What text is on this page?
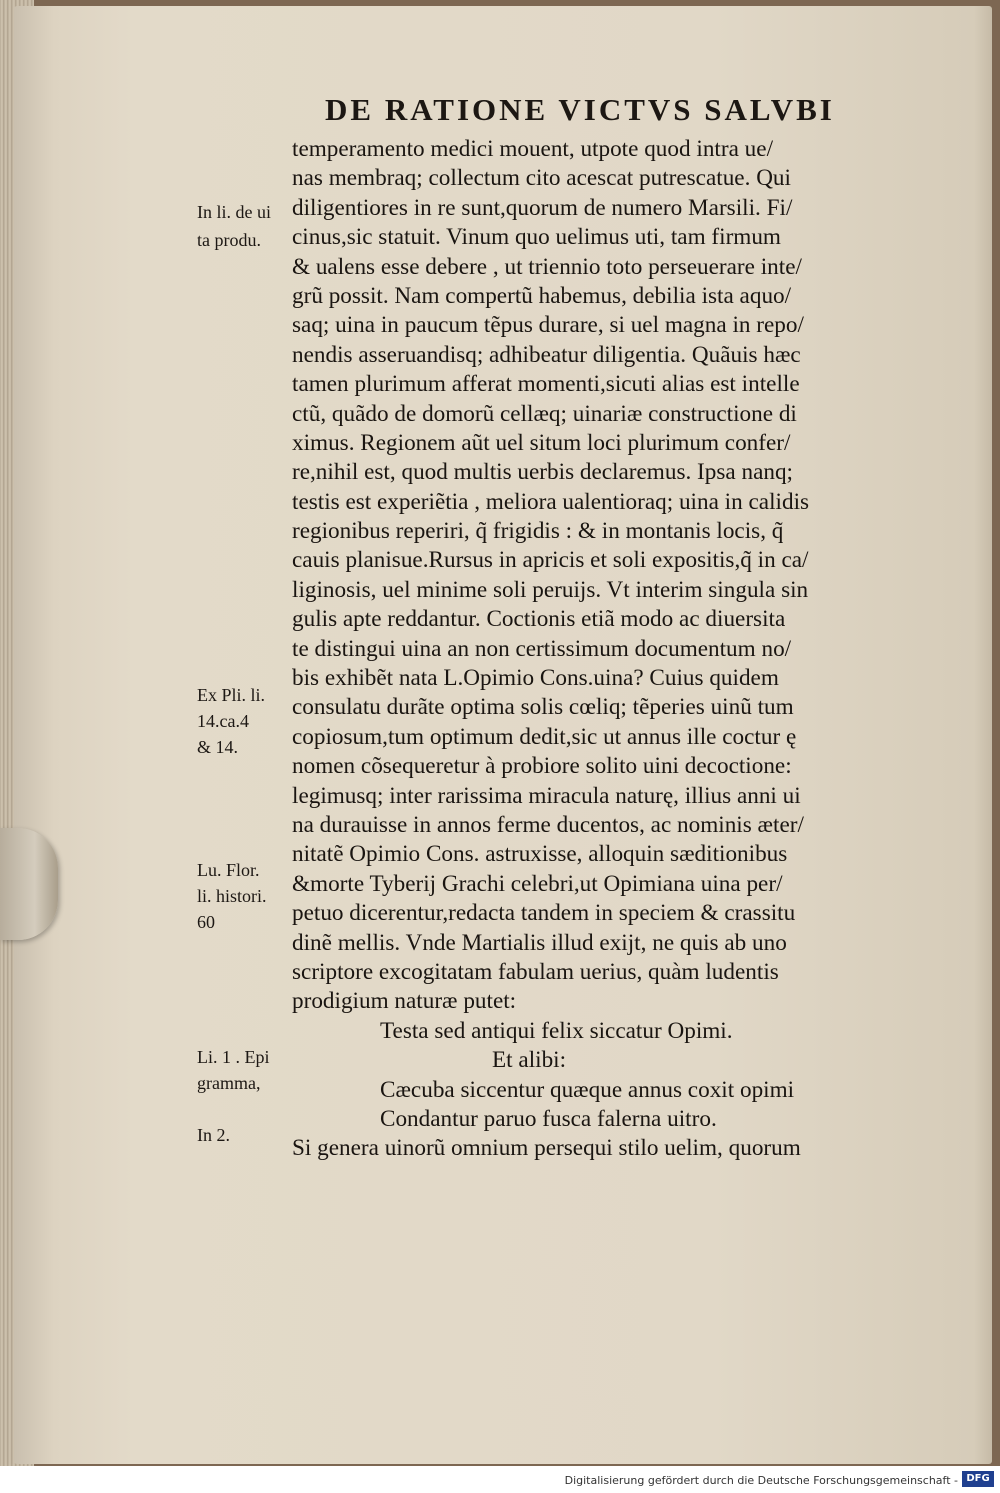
DE RATIONE VICTVS SALVBI
In li. de ui
ta produ.
Ex Pli. li.
14.ca.4
& 14.
Lu. Flor.
li. histori.
60
Li. 1 . Epi
gramma,
In 2.
temperamento medici mouent, utpote quod intra ue/
nas membraq; collectum cito acescat putrescatue. Qui
diligentiores in re sunt,quorum de numero Marsili. Fi/
cinus,sic statuit. Vinum quo uelimus uti, tam firmum
& ualens esse debere , ut triennio toto perseuerare inte/
grũ possit. Nam compertũ habemus, debilia ista aquo/
saq; uina in paucum tẽpus durare, si uel magna in repo/
nendis asseruandisq; adhibeatur diligentia. Quãuis hæc
tamen plurimum afferat momenti,sicuti alias est intelle
ctũ, quãdo de domorũ cellæq; uinariæ constructione di
ximus. Regionem aũt uel situm loci plurimum confer/
re,nihil est, quod multis uerbis declaremus. Ipsa nanq;
testis est experiẽtia , meliora ualentioraq; uina in calidis
regionibus reperiri, q̃ frigidis : & in montanis locis, q̃
cauis planisue.Rursus in apricis et soli expositis,q̃ in ca/
liginosis, uel minime soli peruijs. Vt interim singula sin
gulis apte reddantur. Coctionis etiã modo ac diuersita
te distingui uina an non certissimum documentum no/
bis exhibẽt nata L.Opimio Cons.uina? Cuius quidem
consulatu durãte optima solis cœliq; tẽperies uinũ tum
copiosum,tum optimum dedit,sic ut annus ille coctur ę
nomen cõsequeretur à probiore solito uini decoctione:
legimusq; inter rarissima miracula naturę, illius anni ui
na durauisse in annos ferme ducentos, ac nominis æter/
nitatẽ Opimio Cons. astruxisse, alloquin sæditionibus
&morte Tyberij Grachi celebri,ut Opimiana uina per/
petuo dicerentur,redacta tandem in speciem & crassitu
dinẽ mellis. Vnde Martialis illud exijt, ne quis ab uno
scriptore excogitatam fabulam uerius, quàm ludentis
prodigium naturæ putet:
Testa sed antiqui felix siccatur Opimi.
Et alibi:
Cæcuba siccentur quæque annus coxit opimi
Condantur paruo fusca falerna uitro.
Si genera uinorũ omnium persequi stilo uelim, quorum
Digitalisierung gefördert durch die Deutsche Forschungsgemeinschaft - DFG
